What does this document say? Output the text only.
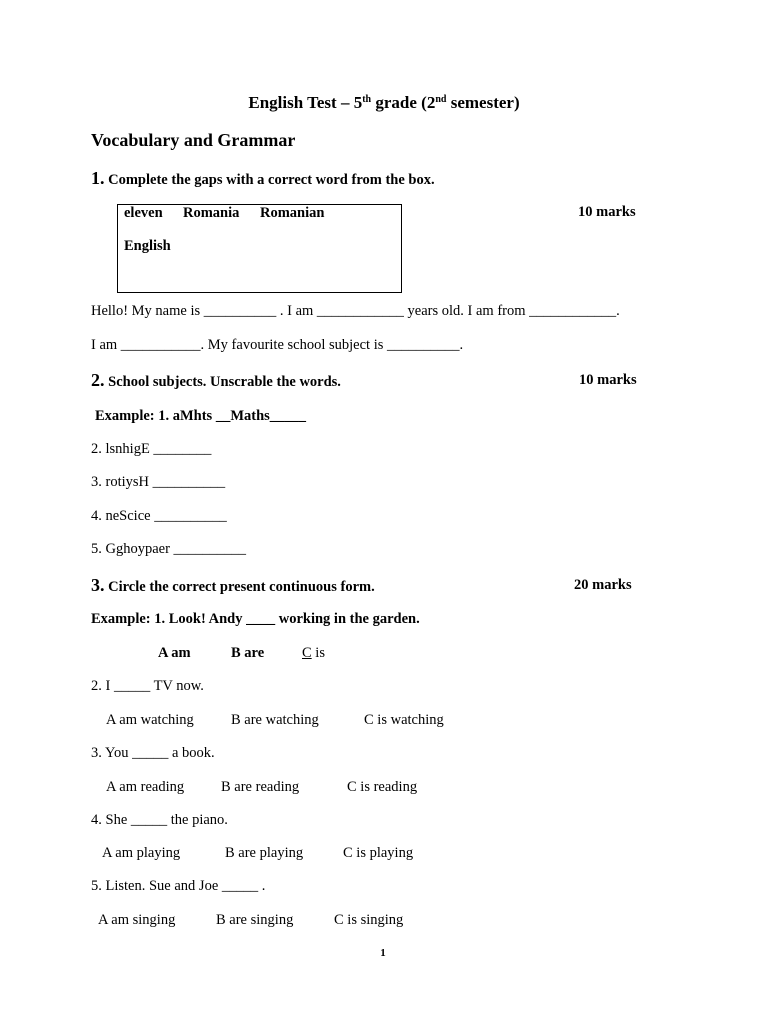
English Test – 5th grade (2nd semester)
Vocabulary and Grammar
1. Complete the gaps with a correct word from the box.
eleven Romania Romanian
English
10 marks
Hello! My name is __________ . I am ____________ years old. I am from ____________.
I am ___________. My favourite school subject is __________.
2. School subjects. Unscrable the words.	10 marks
Example: 1. aMhts __Maths_____
2. lsnhigE ________
3. rotiysH __________
4. neScice __________
5. Gghoypaer __________
3. Circle the correct present continuous form.	20 marks
Example: 1. Look! Andy ____ working in the garden.
A am	B are	C is
2. I _____ TV now.
A am watching	B are watching	C is watching
3. You _____ a book.
A am reading	B are reading	C is reading
4. She _____ the piano.
A am playing	B are playing	C is playing
5. Listen. Sue and Joe _____ .
A am singing	B are singing	C is singing
1
